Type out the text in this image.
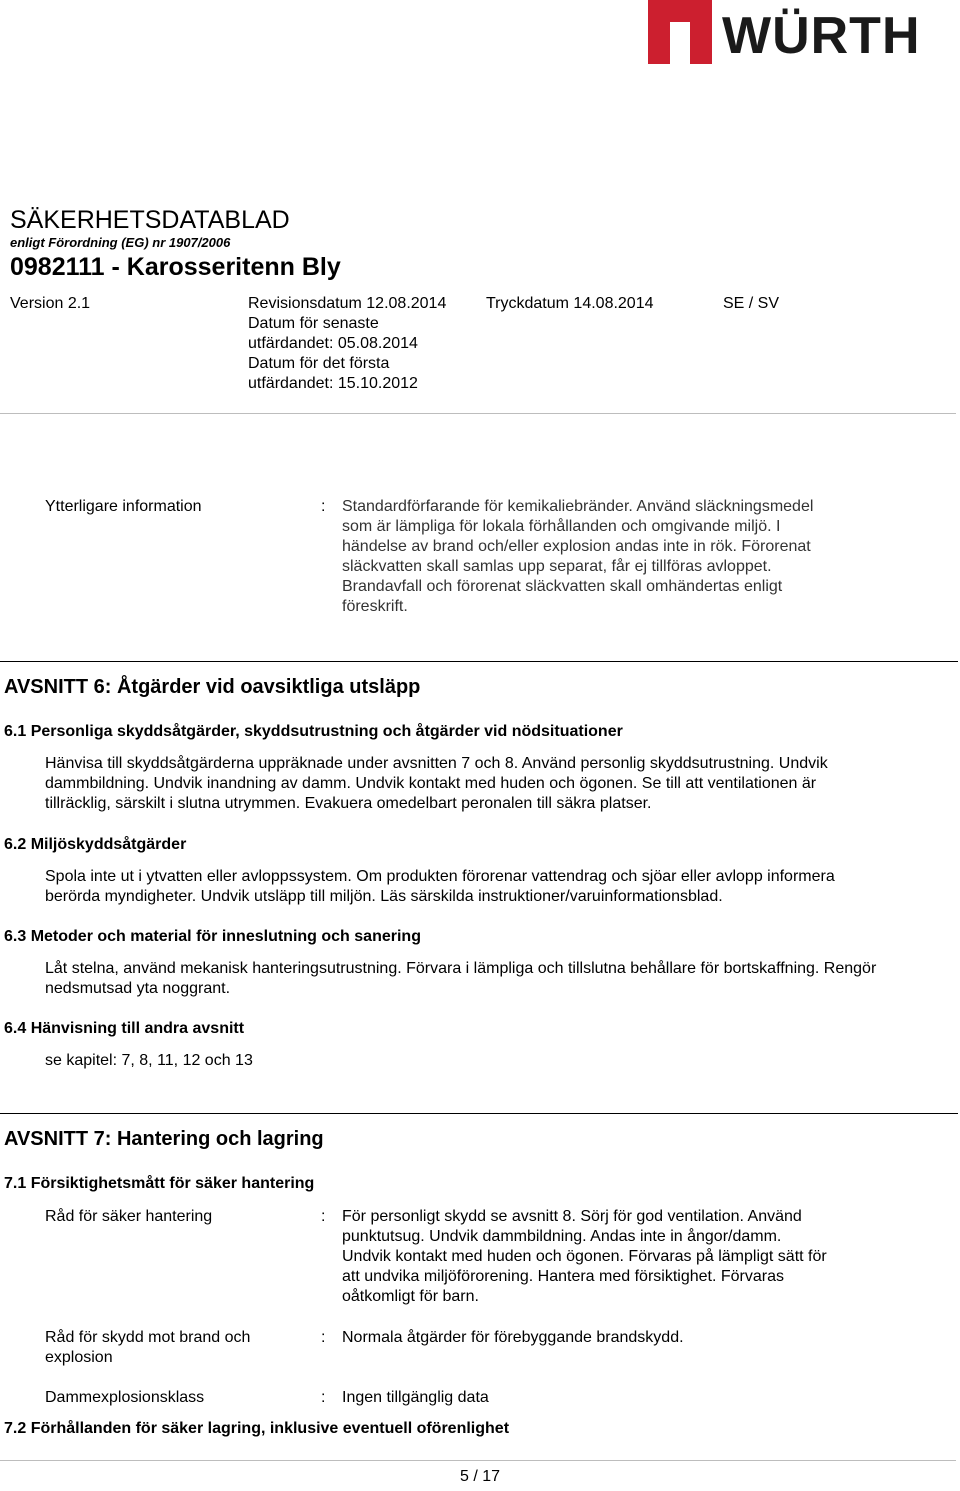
WÜRTH
SÄKERHETSDATABLAD
enligt Förordning (EG) nr 1907/2006
0982111 - Karosseritenn Bly
Version 2.1	Revisionsdatum 12.08.2014
Datum för senaste
utfärdandet: 05.08.2014
Datum för det första
utfärdandet: 15.10.2012
Tryckdatum 14.08.2014	SE / SV
Ytterligare information	: Standardförfarande för kemikaliebränder. Använd släckningsmedel
som är lämpliga för lokala förhållanden och omgivande miljö. I
händelse av brand och/eller explosion andas inte in rök. Förorenat
släckvatten skall samlas upp separat, får ej tillföras avloppet.
Brandavfall och förorenat släckvatten skall omhändertas enligt
föreskrift.
AVSNITT 6: Åtgärder vid oavsiktliga utsläpp
6.1 Personliga skyddsåtgärder, skyddsutrustning och åtgärder vid nödsituationer
Hänvisa till skyddsåtgärderna uppräknade under avsnitten 7 och 8. Använd personlig skyddsutrustning. Undvik
dammbildning. Undvik inandning av damm. Undvik kontakt med huden och ögonen. Se till att ventilationen är
tillräcklig, särskilt i slutna utrymmen. Evakuera omedelbart peronalen till säkra platser.
6.2 Miljöskyddsåtgärder
Spola inte ut i ytvatten eller avloppssystem. Om produkten förorenar vattendrag och sjöar eller avlopp informera
berörda myndigheter. Undvik utsläpp till miljön. Läs särskilda instruktioner/varuinformationsblad.
6.3 Metoder och material för inneslutning och sanering
Låt stelna, använd mekanisk hanteringsutrustning. Förvara i lämpliga och tillslutna behållare för bortskaffning. Rengör
nedsmutsad yta noggrant.
6.4 Hänvisning till andra avsnitt
se kapitel: 7, 8, 11, 12 och 13
AVSNITT 7: Hantering och lagring
7.1 Försiktighetsmått för säker hantering
Råd för säker hantering	: För personligt skydd se avsnitt 8. Sörj för god ventilation. Använd
punktutsug. Undvik dammbildning. Andas inte in ångor/damm.
Undvik kontakt med huden och ögonen. Förvaras på lämpligt sätt för
att undvika miljöförorening. Hantera med försiktighet. Förvaras
oåtkomligt för barn.
Råd för skydd mot brand och
explosion
: Normala åtgärder för förebyggande brandskydd.
Dammexplosionsklass	: Ingen tillgänglig data
7.2 Förhållanden för säker lagring, inklusive eventuell oförenlighet
5 / 17
